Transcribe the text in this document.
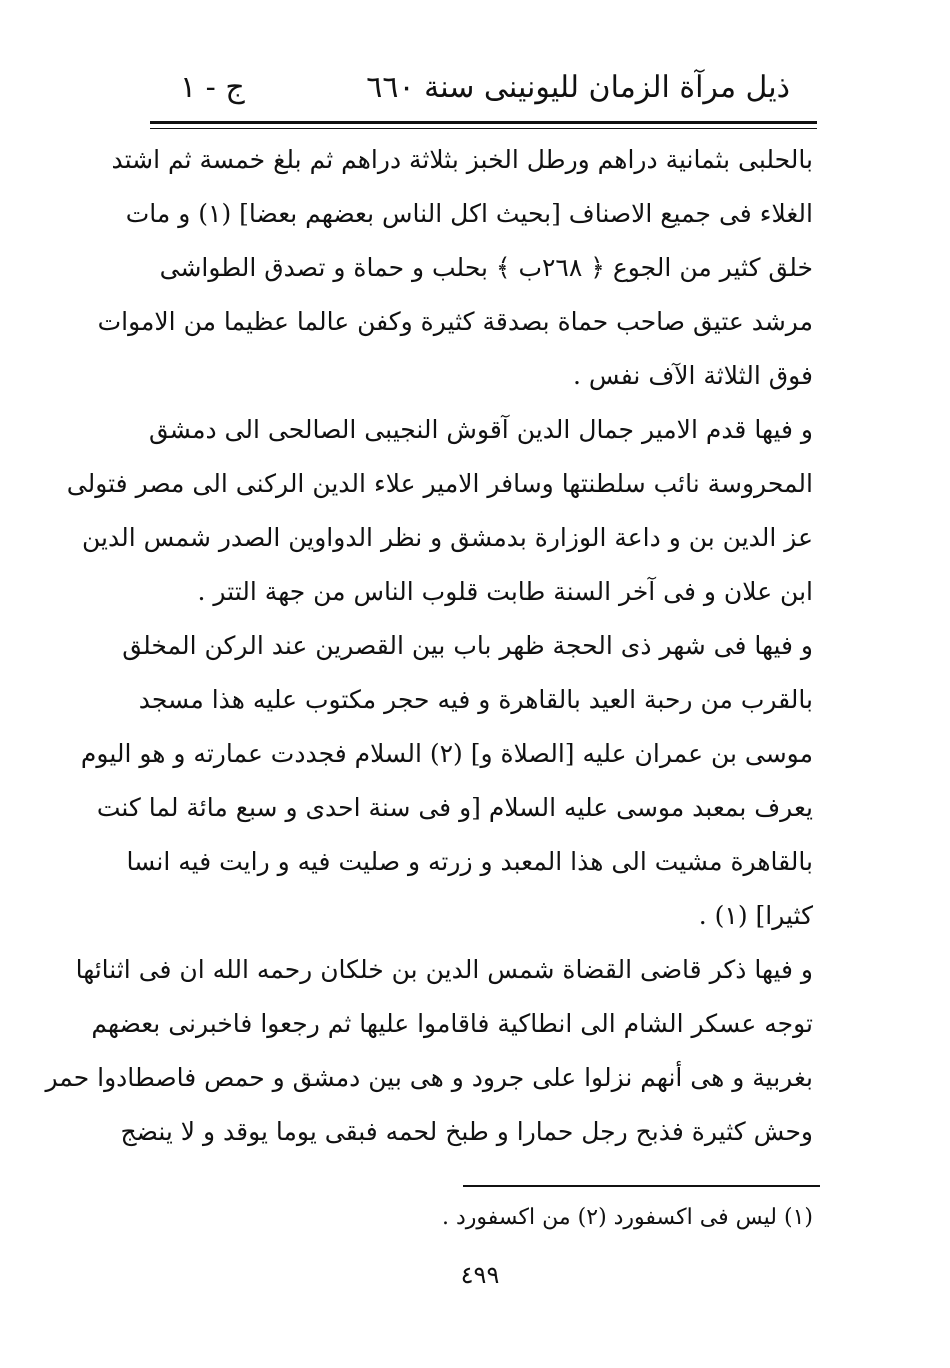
ذيل مرآة الزمان لليونينى سنة ٦٦٠
ج - ١
بالحلبى بثمانية دراهم ورطل الخبز بثلاثة دراهم ثم بلغ خمسة ثم اشتد
الغلاء فى جميع الاصناف [بحيث اكل الناس بعضهم بعضا] (١) و مات
خلق كثير من الجوع ﴿ ٢٦٨ب ﴾ بحلب و حماة و تصدق الطواشى
مرشد عتيق صاحب حماة بصدقة كثيرة وكفن عالما عظيما من الاموات
فوق الثلاثة الآف نفس .
و فيها قدم الامير جمال الدين آقوش النجيبى الصالحى الى دمشق
المحروسة نائب سلطنتها وسافر الامير علاء الدين الركنى الى مصر فتولى
عز الدين بن و داعة الوزارة بدمشق و نظر الدواوين الصدر شمس الدين
ابن علان و فى آخر السنة طابت قلوب الناس من جهة التتر .
و فيها فى شهر ذى الحجة ظهر باب بين القصرين عند الركن المخلق
بالقرب من رحبة العيد بالقاهرة و فيه حجر مكتوب عليه هذا مسجد
موسى بن عمران عليه [الصلاة و] (٢) السلام فجددت عمارته و هو اليوم
يعرف بمعبد موسى عليه السلام [و فى سنة احدى و سبع مائة لما كنت
بالقاهرة مشيت الى هذا المعبد و زرته و صليت فيه و رايت فيه انسا
كثيرا] (١) .
و فيها ذكر قاضى القضاة شمس الدين بن خلكان رحمه الله ان فى اثنائها
توجه عسكر الشام الى انطاكية فاقاموا عليها ثم رجعوا فاخبرنى بعضهم
بغربية و هى أنهم نزلوا على جرود و هى بين دمشق و حمص فاصطادوا حمر
وحش كثيرة فذبح رجل حمارا و طبخ لحمه فبقى يوما يوقد و لا ينضج
(١) ليس فى اكسفورد (٢) من اكسفورد .
٤٩٩
